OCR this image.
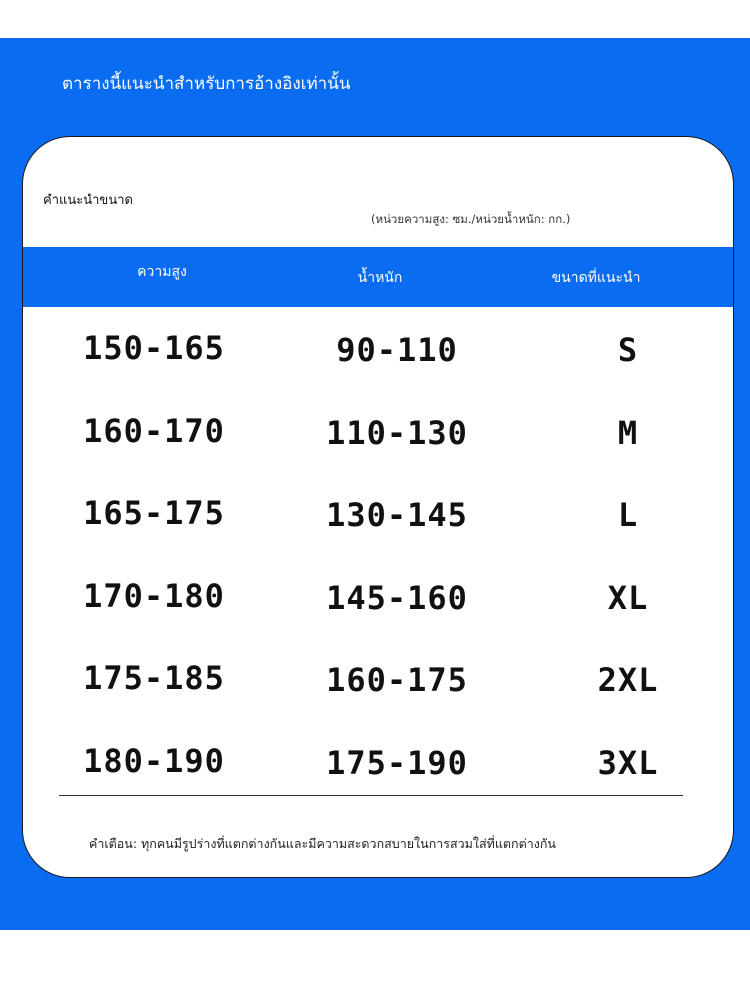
ตารางนี้แนะนำสำหรับการอ้างอิงเท่านั้น
คำแนะนำขนาด
(หน่วยความสูง: ซม./หน่วยน้ำหนัก: กก.)
ความสูง	น้ำหนัก	ขนาดที่แนะนำ
150-165	90-110	S
160-170	110-130	M
165-175	130-145	L
170-180	145-160	XL
175-185	160-175	2XL
180-190	175-190	3XL
คำเตือน: ทุกคนมีรูปร่างที่แตกต่างกันและมีความสะดวกสบายในการสวมใส่ที่แตกต่างกัน
